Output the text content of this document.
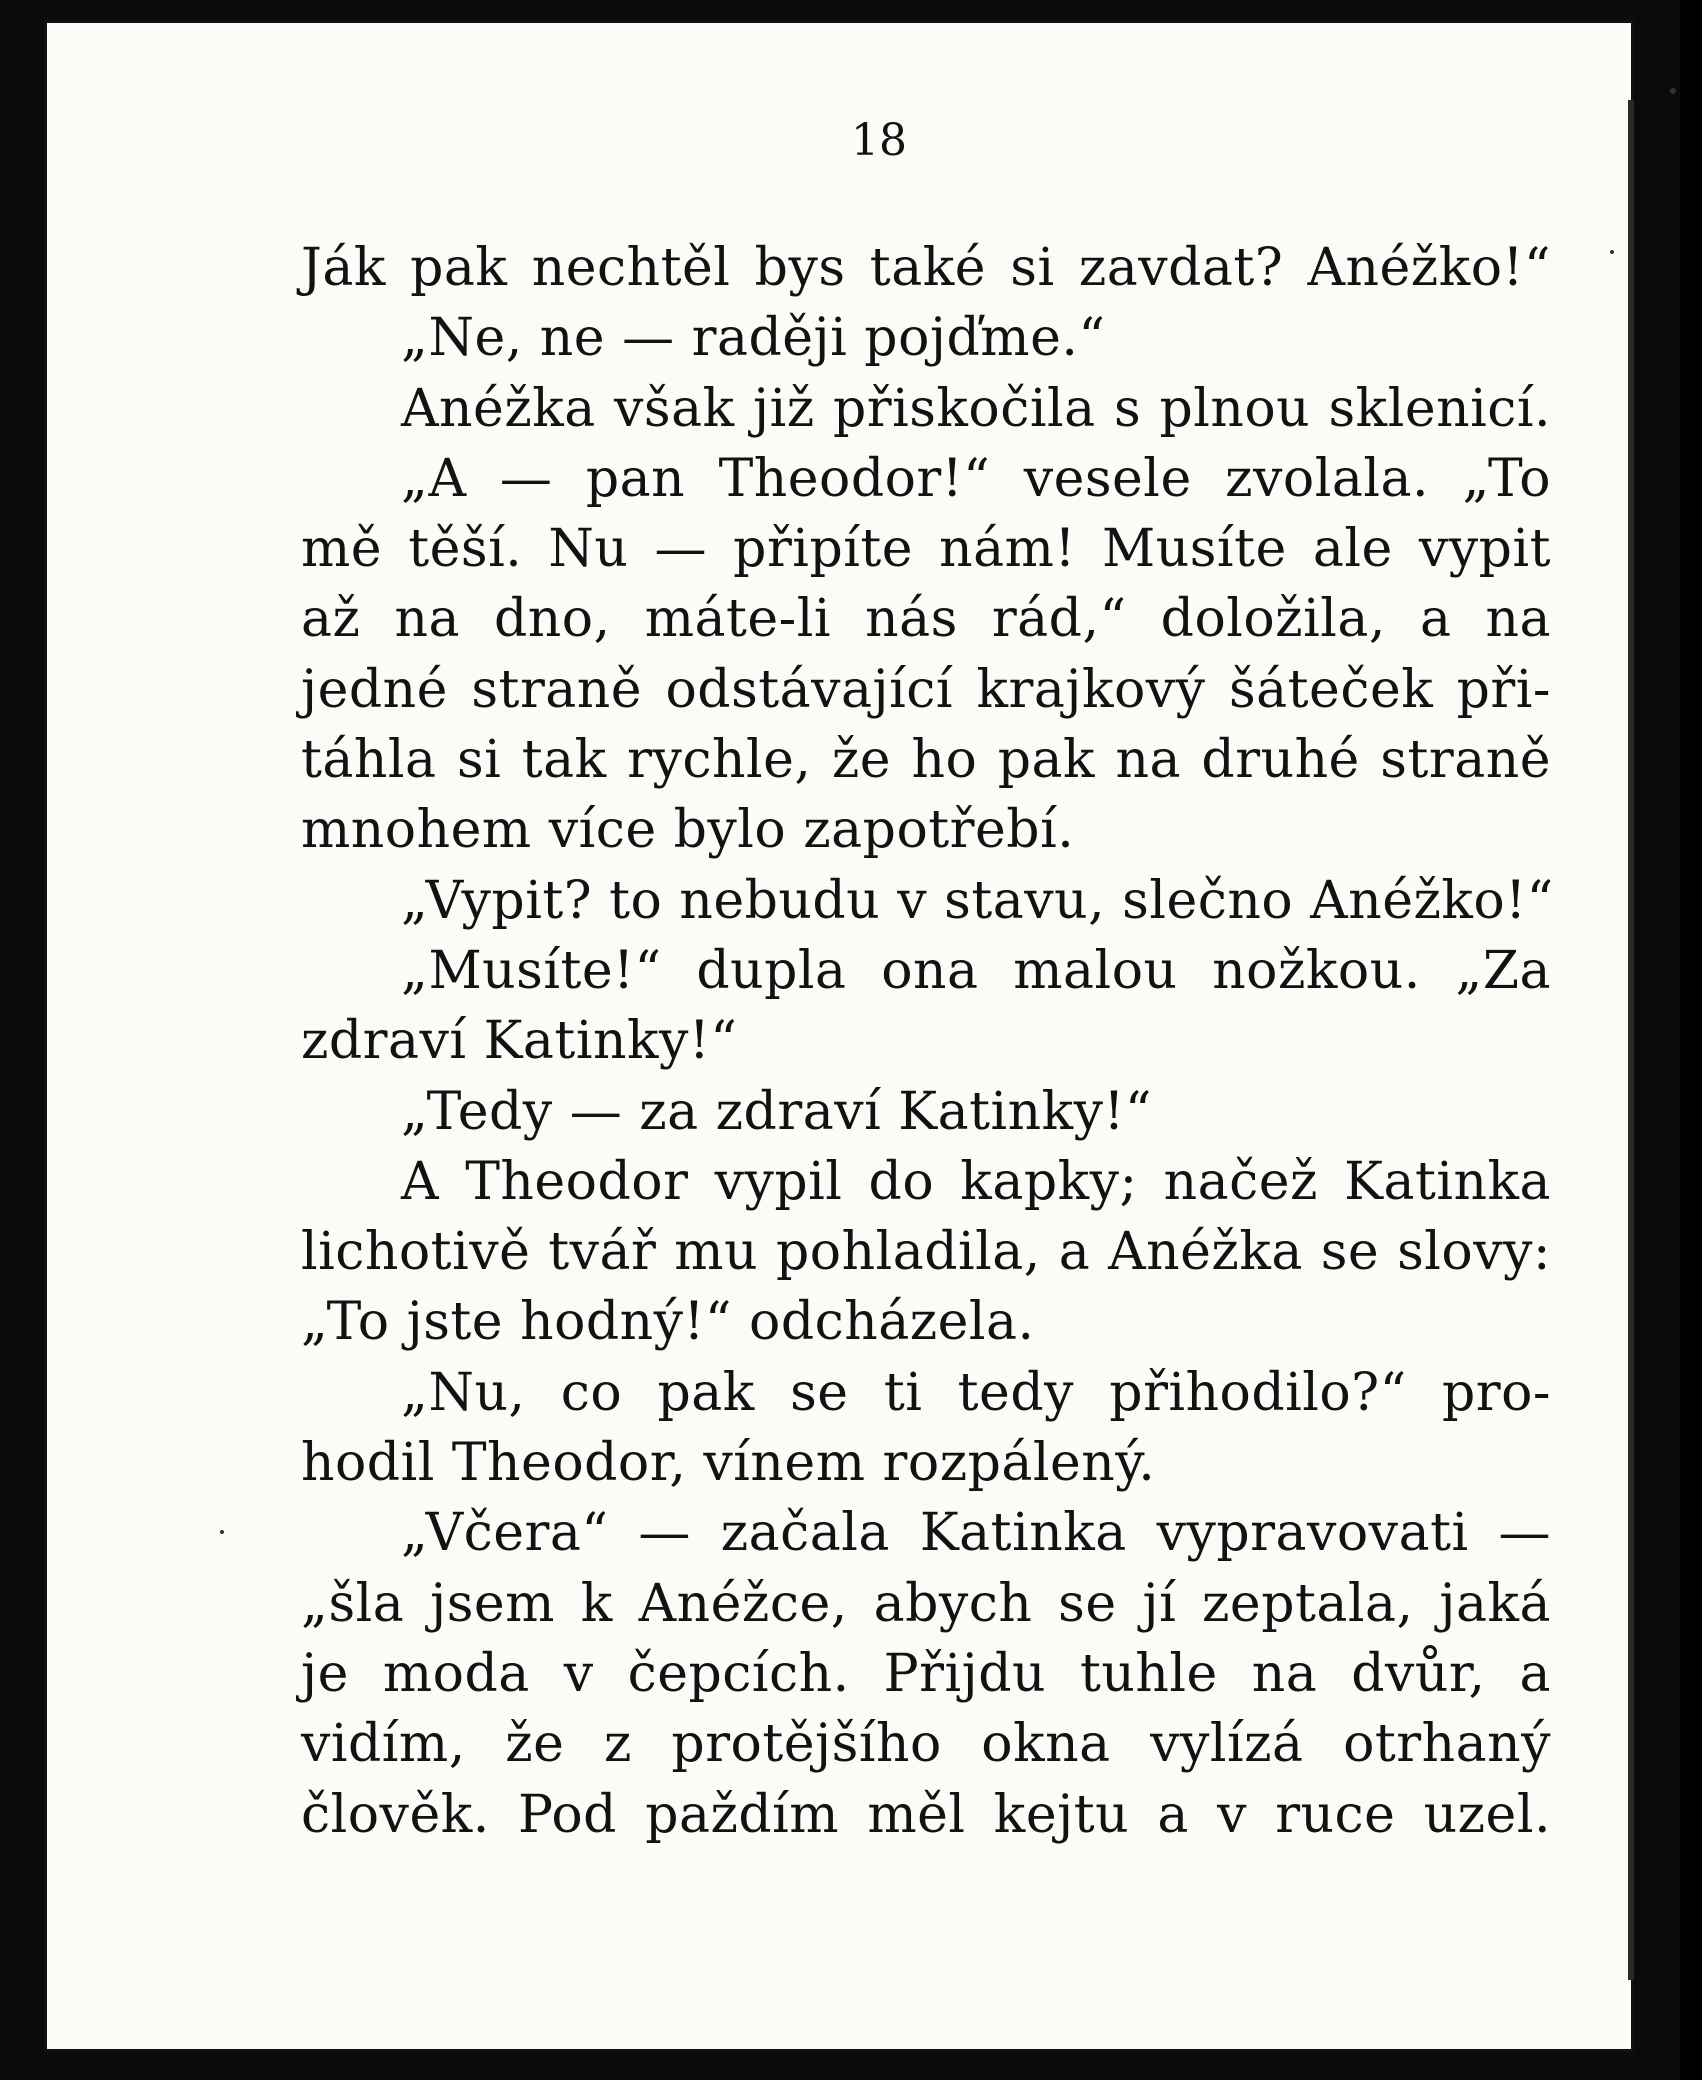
18
Ják pak nechtěl bys také si zavdat? Anéžko!“
„Ne, ne — raději pojďme.“
Anéžka však již přiskočila s plnou sklenicí.
„A — pan Theodor!“ vesele zvolala. „To
mě těší. Nu — připíte nám! Musíte ale vypit
až na dno, máte-li nás rád,“ doložila, a na
jedné straně odstávající krajkový šáteček při-
táhla si tak rychle, že ho pak na druhé straně
mnohem více bylo zapotřebí.
„Vypit? to nebudu v stavu, slečno Anéžko!“
„Musíte!“ dupla ona malou nožkou. „Za
zdraví Katinky!“
„Tedy — za zdraví Katinky!“
A Theodor vypil do kapky; načež Katinka
lichotivě tvář mu pohladila, a Anéžka se slovy:
„To jste hodný!“ odcházela.
„Nu, co pak se ti tedy přihodilo?“ pro-
hodil Theodor, vínem rozpálený.
„Včera“ — začala Katinka vypravovati —
„šla jsem k Anéžce, abych se jí zeptala, jaká
je moda v čepcích. Přijdu tuhle na dvůr, a
vidím, že z protějšího okna vylízá otrhaný
člověk. Pod paždím měl kejtu a v ruce uzel.
